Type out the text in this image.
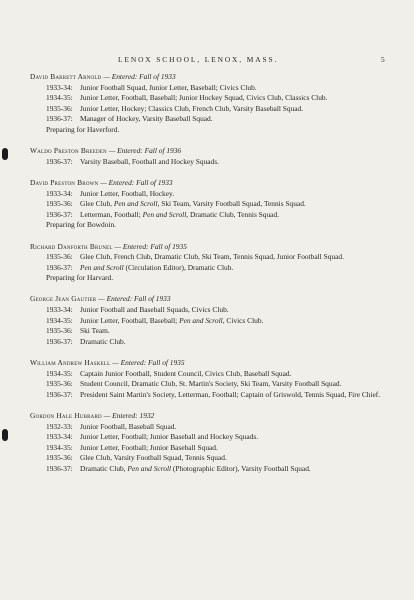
LENOX SCHOOL, LENOX, MASS.	5
David Barrett Arnold — Entered: Fall of 1933
1933-34: Junior Football Squad, Junior Letter, Baseball; Civics Club.
1934-35: Junior Letter, Football, Baseball; Junior Hockey Squad, Civics Club, Classics Club.
1935-36: Junior Letter, Hockey; Classics Club, French Club, Varsity Baseball Squad.
1936-37: Manager of Hockey, Varsity Baseball Squad.
Preparing for Haverford.
Waldo Preston Breeden — Entered: Fall of 1936
1936-37: Varsity Baseball, Football and Hockey Squads.
David Preston Brown — Entered: Fall of 1933
1933-34: Junior Letter, Football, Hockey.
1935-36: Glee Club, Pen and Scroll, Ski Team, Varsity Football Squad, Tennis Squad.
1936-37: Letterman, Football; Pen and Scroll, Dramatic Club, Tennis Squad.
Preparing for Bowdoin.
Richard Danforth Brunel — Entered: Fall of 1935
1935-36: Glee Club, French Club, Dramatic Club, Ski Team, Tennis Squad, Junior Football Squad.
1936-37: Pen and Scroll (Circulation Editor), Dramatic Club.
Preparing for Harvard.
George Jean Gautier — Entered: Fall of 1933
1933-34: Junior Football and Baseball Squads, Civics Club.
1934-35: Junior Letter, Football, Baseball; Pen and Scroll, Civics Club.
1935-36: Ski Team.
1936-37: Dramatic Club.
William Andrew Haskell — Entered: Fall of 1935
1934-35: Captain Junior Football, Student Council, Civics Club, Baseball Squad.
1935-36: Student Council, Dramatic Club, St. Martin's Society, Ski Team, Varsity Football Squad.
1936-37: President Saint Martin's Society, Letterman, Football; Captain of Griswold, Tennis Squad, Fire Chief.
Gordon Hale Hubbard — Entered: 1932
1932-33: Junior Football, Baseball Squad.
1933-34: Junior Letter, Football; Junior Baseball and Hockey Squads.
1934-35: Junior Letter, Football; Junior Baseball Squad.
1935-36: Glee Club, Varsity Football Squad, Tennis Squad.
1936-37: Dramatic Club, Pen and Scroll (Photographic Editor), Varsity Football Squad.
